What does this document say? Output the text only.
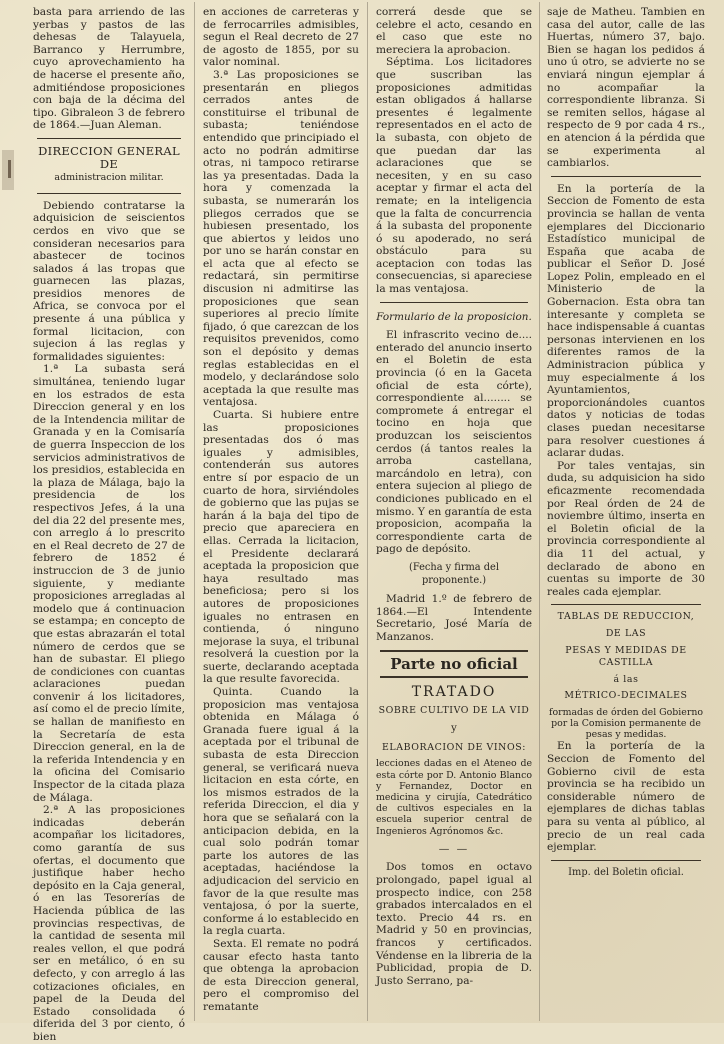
basta para arriendo de las yerbas y pastos de las dehesas de Talayuela, Barranco y Herrumbre, cuyo aprovechamiento ha de hacerse el presente año, admitiéndose proposiciones con baja de la décima del tipo. Gibraleon 3 de febrero de 1864.—Juan Aleman.

DIRECCION GENERAL DE
administracion militar.

Debiendo contratarse la adquisicion de seiscientos cerdos en vivo que se consideran necesarios para abastecer de tocinos salados á las tropas que guarnecen las plazas, presidios menores de Africa, se convoca por el presente á una pública y formal licitacion, con sujecion á las reglas y formalidades siguientes:

1.ª La subasta será simultánea, teniendo lugar en los estrados de esta Direccion general y en los de la Intendencia militar de Granada y en la Comisaría de guerra Inspeccion de los servicios administrativos de los presidios, establecida en la plaza de Málaga, bajo la presidencia de los respectivos Jefes, á la una del dia 22 del presente mes, con arreglo á lo prescrito en el Real decreto de 27 de febrero de 1852 é instruccion de 3 de junio siguiente, y mediante proposiciones arregladas al modelo que á continuacion se estampa; en concepto de que estas abrazarán el total número de cerdos que se han de subastar. El pliego de condiciones con cuantas aclaraciones puedan convenir á los licitadores, así como el de precio límite, se hallan de manifiesto en la Secretaría de esta Direccion general, en la de la referida Intendencia y en la oficina del Comisario Inspector de la citada plaza de Málaga.

2.ª A las proposiciones indicadas deberán acompañar los licitadores, como garantía de sus ofertas, el documento que justifique haber hecho depósito en la Caja general, ó en las Tesorerías de Hacienda pública de las provincias respectivas, de la cantidad de sesenta mil reales vellon, el que podrá ser en metálico, ó en su defecto, y con arreglo á las cotizaciones oficiales, en papel de la Deuda del Estado consolidada ó diferida del 3 por ciento, ó bien

en acciones de carreteras y de ferrocarriles admisibles, segun el Real decreto de 27 de agosto de 1855, por su valor nominal.

3.ª Las proposiciones se presentarán en pliegos cerrados antes de constituirse el tribunal de subasta; teniéndose entendido que principiado el acto no podrán admitirse otras, ni tampoco retirarse las ya presentadas. Dada la hora y comenzada la subasta, se numerarán los pliegos cerrados que se hubiesen presentado, los que abiertos y leidos uno por uno se harán constar en el acta que al efecto se redactará, sin permitirse discusion ni admitirse las proposiciones que sean superiores al precio límite fijado, ó que carezcan de los requisitos prevenidos, como son el depósito y demas reglas establecidas en el modelo, y declarándose solo aceptada la que resulte mas ventajosa.

Cuarta. Si hubiere entre las proposiciones presentadas dos ó mas iguales y admisibles, contenderán sus autores entre sí por espacio de un cuarto de hora, sirviéndoles de gobierno que las pujas se harán á la baja del tipo de precio que apareciera en ellas. Cerrada la licitacion, el Presidente declarará aceptada la proposicion que haya resultado mas beneficiosa; pero si los autores de proposiciones iguales no entrasen en contienda, ó ninguno mejorase la suya, el tribunal resolverá la cuestion por la suerte, declarando aceptada la que resulte favorecida.

Quinta. Cuando la proposicion mas ventajosa obtenida en Málaga ó Granada fuere igual á la aceptada por el tribunal de subasta de esta Direccion general, se verificará nueva licitacion en esta córte, en los mismos estrados de la referida Direccion, el dia y hora que se señalará con la anticipacion debida, en la cual solo podrán tomar parte los autores de las aceptadas, haciéndose la adjudicacion del servicio en favor de la que resulte mas ventajosa, ó por la suerte, conforme á lo establecido en la regla cuarta.

Sexta. El remate no podrá causar efecto hasta tanto que obtenga la aprobacion de esta Direccion general, pero el compromiso del rematante

correrá desde que se celebre el acto, cesando en el caso que este no mereciera la aprobacion.

Séptima. Los licitadores que suscriban las proposiciones admitidas estan obligados á hallarse presentes é legalmente representados en el acto de la subasta, con objeto de que puedan dar las aclaraciones que se necesiten, y en su caso aceptar y firmar el acta del remate; en la inteligencia que la falta de concurrencia á la subasta del proponente ó su apoderado, no será obstáculo para su aceptacion con todas las consecuencias, si apareciese la mas ventajosa.

Formulario de la proposicion.

El infrascrito vecino de.... enterado del anuncio inserto en el Boletin de esta provincia (ó en la Gaceta oficial de esta córte), correspondiente al........ se compromete á entregar el tocino en hoja que produzcan los seiscientos cerdos (á tantos reales la arroba castellana, marcándolo en letra), con entera sujecion al pliego de condiciones publicado en el mismo. Y en garantía de esta proposicion, acompaña la correspondiente carta de pago de depósito.

(Fecha y firma del proponente.)

Madrid 1.º de febrero de 1864.—El Intendente Secretario, José María de Manzanos.

Parte no oficial
TRATADO
SOBRE CULTIVO DE LA VID
y
ELABORACION DE VINOS:

lecciones dadas en el Ateneo de esta córte por D. Antonio Blanco y Fernandez, Doctor en medicina y cirujía, Catedrático de cultivos especiales en la escuela superior central de Ingenieros Agrónomos &c.

— —

Dos tomos en octavo prolongado, papel igual al prospecto indice, con 258 grabados intercalados en el texto. Precio 44 rs. en Madrid y 50 en provincias, francos y certificados. Véndense en la libreria de la Publicidad, propia de D. Justo Serrano, pa-

saje de Matheu. Tambien en casa del autor, calle de las Huertas, número 37, bajo. Bien se hagan los pedidos á uno ú otro, se advierte no se enviará ningun ejemplar á no acompañar la correspondiente libranza. Si se remiten sellos, hágase al respecto de 9 por cada 4 rs., en atencion á la pérdida que se experimenta al cambiarlos.

En la portería de la Seccion de Fomento de esta provincia se hallan de venta ejemplares del Diccionario Estadístico municipal de España que acaba de publicar el Señor D. José Lopez Polin, empleado en el Ministerio de la Gobernacion. Esta obra tan interesante y completa se hace indispensable á cuantas personas intervienen en los diferentes ramos de la Administracion pública y muy especialmente á los Ayuntamientos, proporcionándoles cuantos datos y noticias de todas clases puedan necesitarse para resolver cuestiones á aclarar dudas.

Por tales ventajas, sin duda, su adquisicion ha sido eficazmente recomendada por Real órden de 24 de noviembre último, inserta en el Boletin oficial de la provincia correspondiente al dia 11 del actual, y declarado de abono en cuentas su importe de 30 reales cada ejemplar.

TABLAS DE REDUCCION,
DE LAS
PESAS Y MEDIDAS DE CASTILLA
á las
MÉTRICO-DECIMALES

formadas de órden del Gobierno por la Comision permanente de pesas y medidas.

En la portería de la Seccion de Fomento del Gobierno civil de esta provincia se ha recibido un considerable número de ejemplares de dichas tablas para su venta al público, al precio de un real cada ejemplar.

Imp. del Boletin oficial.
